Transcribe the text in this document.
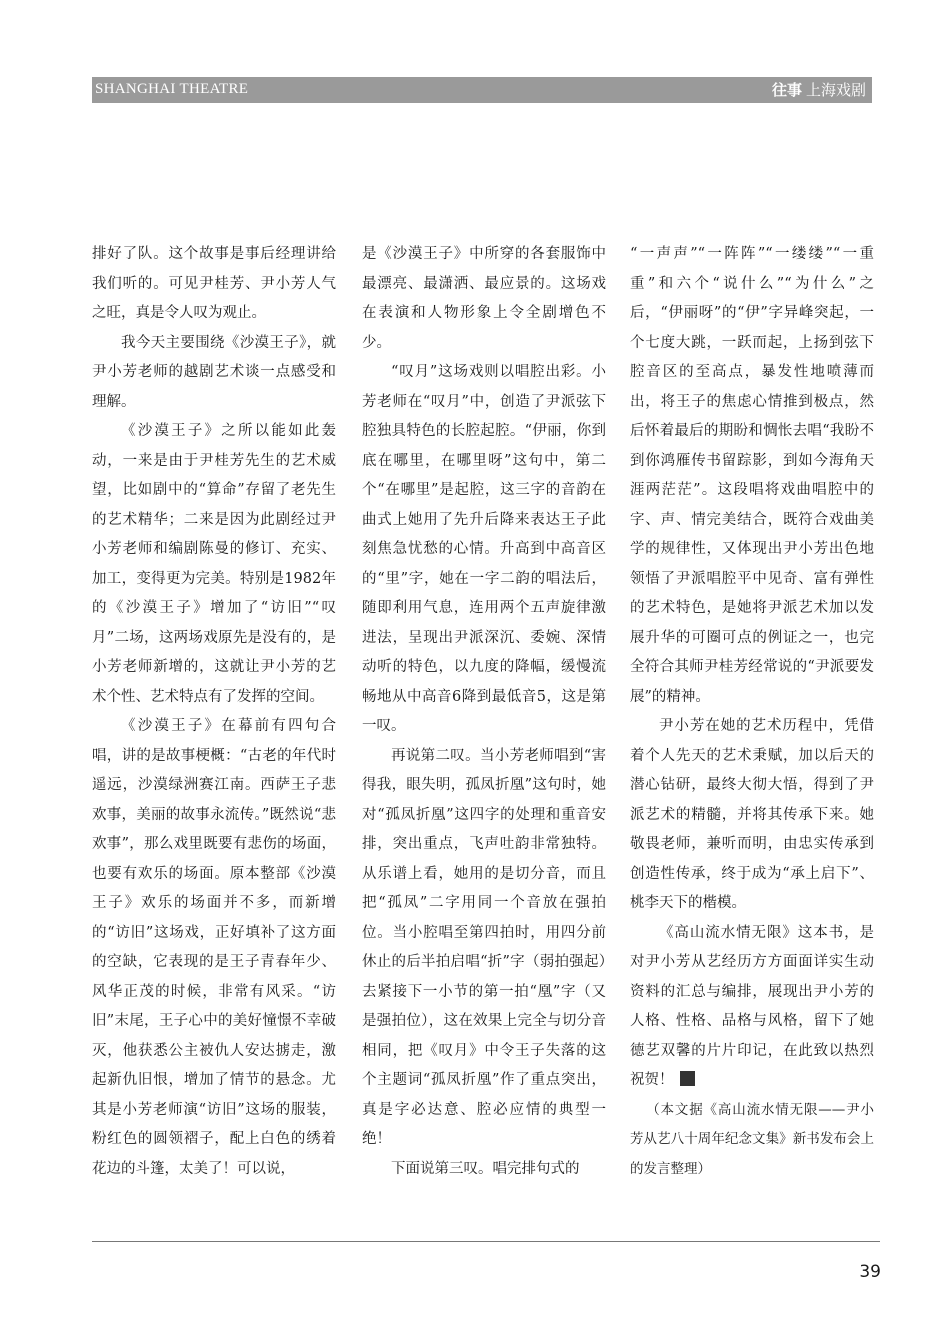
SHANGHAI THEATRE	往事 上海戏剧

排好了队。这个故事是事后经理讲给我们听的。可见尹桂芳、尹小芳人气之旺，真是令人叹为观止。

我今天主要围绕《沙漠王子》，就尹小芳老师的越剧艺术谈一点感受和理解。

《沙漠王子》之所以能如此轰动，一来是由于尹桂芳先生的艺术威望，比如剧中的“算命”存留了老先生的艺术精华；二来是因为此剧经过尹小芳老师和编剧陈曼的修订、充实、加工，变得更为完美。特别是1982年的《沙漠王子》增加了“访旧”“叹月”二场，这两场戏原先是没有的，是小芳老师新增的，这就让尹小芳的艺术个性、艺术特点有了发挥的空间。

《沙漠王子》在幕前有四句合唱，讲的是故事梗概：“古老的年代时遥远，沙漠绿洲赛江南。西萨王子悲欢事，美丽的故事永流传。”既然说“悲欢事”，那么戏里既要有悲伤的场面，也要有欢乐的场面。原本整部《沙漠王子》欢乐的场面并不多，而新增的“访旧”这场戏，正好填补了这方面的空缺，它表现的是王子青春年少、风华正茂的时候，非常有风采。“访旧”末尾，王子心中的美好憧憬不幸破灭，他获悉公主被仇人安达掳走，激起新仇旧恨，增加了情节的悬念。尤其是小芳老师演“访旧”这场的服装，粉红色的圆领褶子，配上白色的绣着花边的斗篷，太美了！可以说，

是《沙漠王子》中所穿的各套服饰中最漂亮、最潇洒、最应景的。这场戏在表演和人物形象上令全剧增色不少。

“叹月”这场戏则以唱腔出彩。小芳老师在“叹月”中，创造了尹派弦下腔独具特色的长腔起腔。“伊丽，你到底在哪里，在哪里呀”这句中，第二个“在哪里”是起腔，这三字的音韵在曲式上她用了先升后降来表达王子此刻焦急忧愁的心情。升高到中高音区的“里”字，她在一字二韵的唱法后，随即利用气息，连用两个五声旋律激进法，呈现出尹派深沉、委婉、深情动听的特色，以九度的降幅，缓慢流畅地从中高音6降到最低音5，这是第一叹。

再说第二叹。当小芳老师唱到“害得我，眼失明，孤凤折凰”这句时，她对“孤凤折凰”这四字的处理和重音安排，突出重点，飞声吐韵非常独特。从乐谱上看，她用的是切分音，而且把“孤凤”二字用同一个音放在强拍位。当小腔唱至第四拍时，用四分前休止的后半拍启唱“折”字（弱拍强起）去紧接下一小节的第一拍“凰”字（又是强拍位），这在效果上完全与切分音相同，把《叹月》中令王子失落的这个主题词“孤凤折凰”作了重点突出，真是字必达意、腔必应情的典型一绝！

下面说第三叹。唱完排句式的

“一声声”“一阵阵”“一缕缕”“一重重”和六个“说什么”“为什么”之后，“伊丽呀”的“伊”字异峰突起，一个七度大跳，一跃而起，上扬到弦下腔音区的至高点，暴发性地喷薄而出，将王子的焦虑心情推到极点，然后怀着最后的期盼和惆怅去唱“我盼不到你鸿雁传书留踪影，到如今海角天涯两茫茫”。这段唱将戏曲唱腔中的字、声、情完美结合，既符合戏曲美学的规律性，又体现出尹小芳出色地领悟了尹派唱腔平中见奇、富有弹性的艺术特色，是她将尹派艺术加以发展升华的可圈可点的例证之一，也完全符合其师尹桂芳经常说的“尹派要发展”的精神。

尹小芳在她的艺术历程中，凭借着个人先天的艺术秉赋，加以后天的潜心钻研，最终大彻大悟，得到了尹派艺术的精髓，并将其传承下来。她敬畏老师，兼听而明，由忠实传承到创造性传承，终于成为“承上启下”、桃李天下的楷模。

《高山流水情无限》这本书，是对尹小芳从艺经历方方面面详实生动资料的汇总与编排，展现出尹小芳的人格、性格、品格与风格，留下了她德艺双馨的片片印记，在此致以热烈祝贺！

（本文据《高山流水情无限——尹小芳从艺八十周年纪念文集》新书发布会上的发言整理）

39
